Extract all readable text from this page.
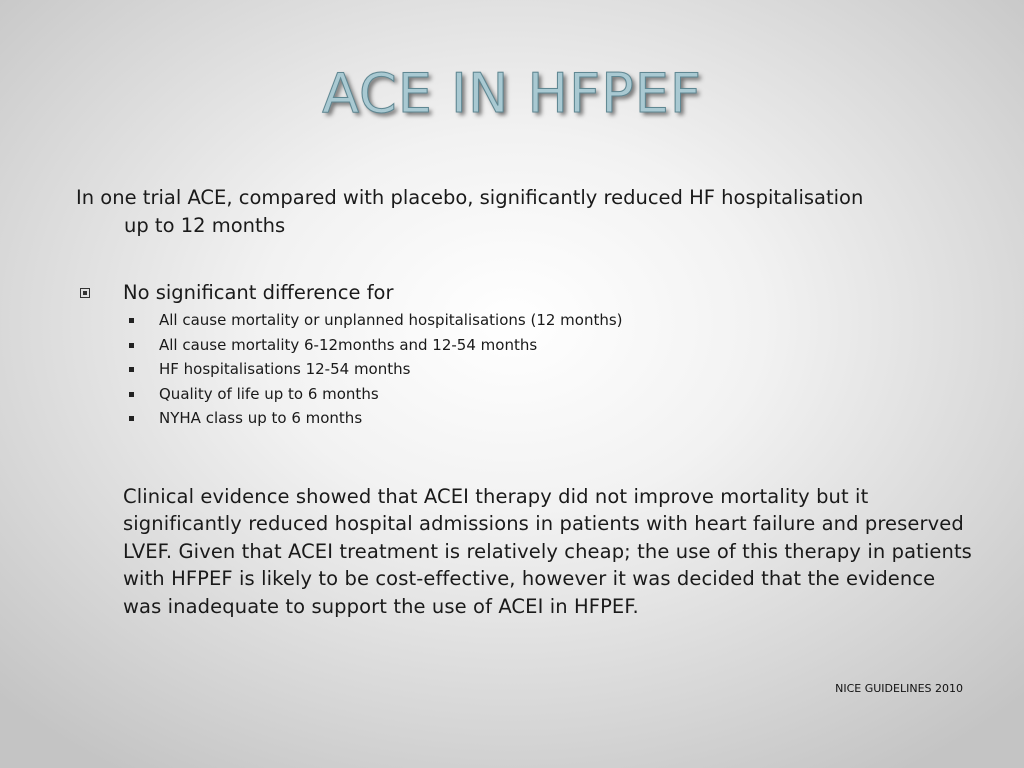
ACE IN HFPEF
In one trial ACE, compared with placebo, significantly reduced HF hospitalisation up to 12 months
No significant difference for
All cause mortality or unplanned hospitalisations (12 months)
All cause mortality 6-12months and 12-54 months
HF hospitalisations 12-54 months
Quality of life up to 6 months
NYHA class up to 6 months
Clinical evidence showed that ACEI therapy did not improve mortality but it significantly reduced hospital admissions in patients with heart failure and preserved LVEF. Given that ACEI treatment is relatively cheap; the use of this therapy in patients with HFPEF is likely to be cost-effective, however it was decided that the evidence was inadequate to support the use of ACEI in HFPEF.
NICE GUIDELINES 2010
